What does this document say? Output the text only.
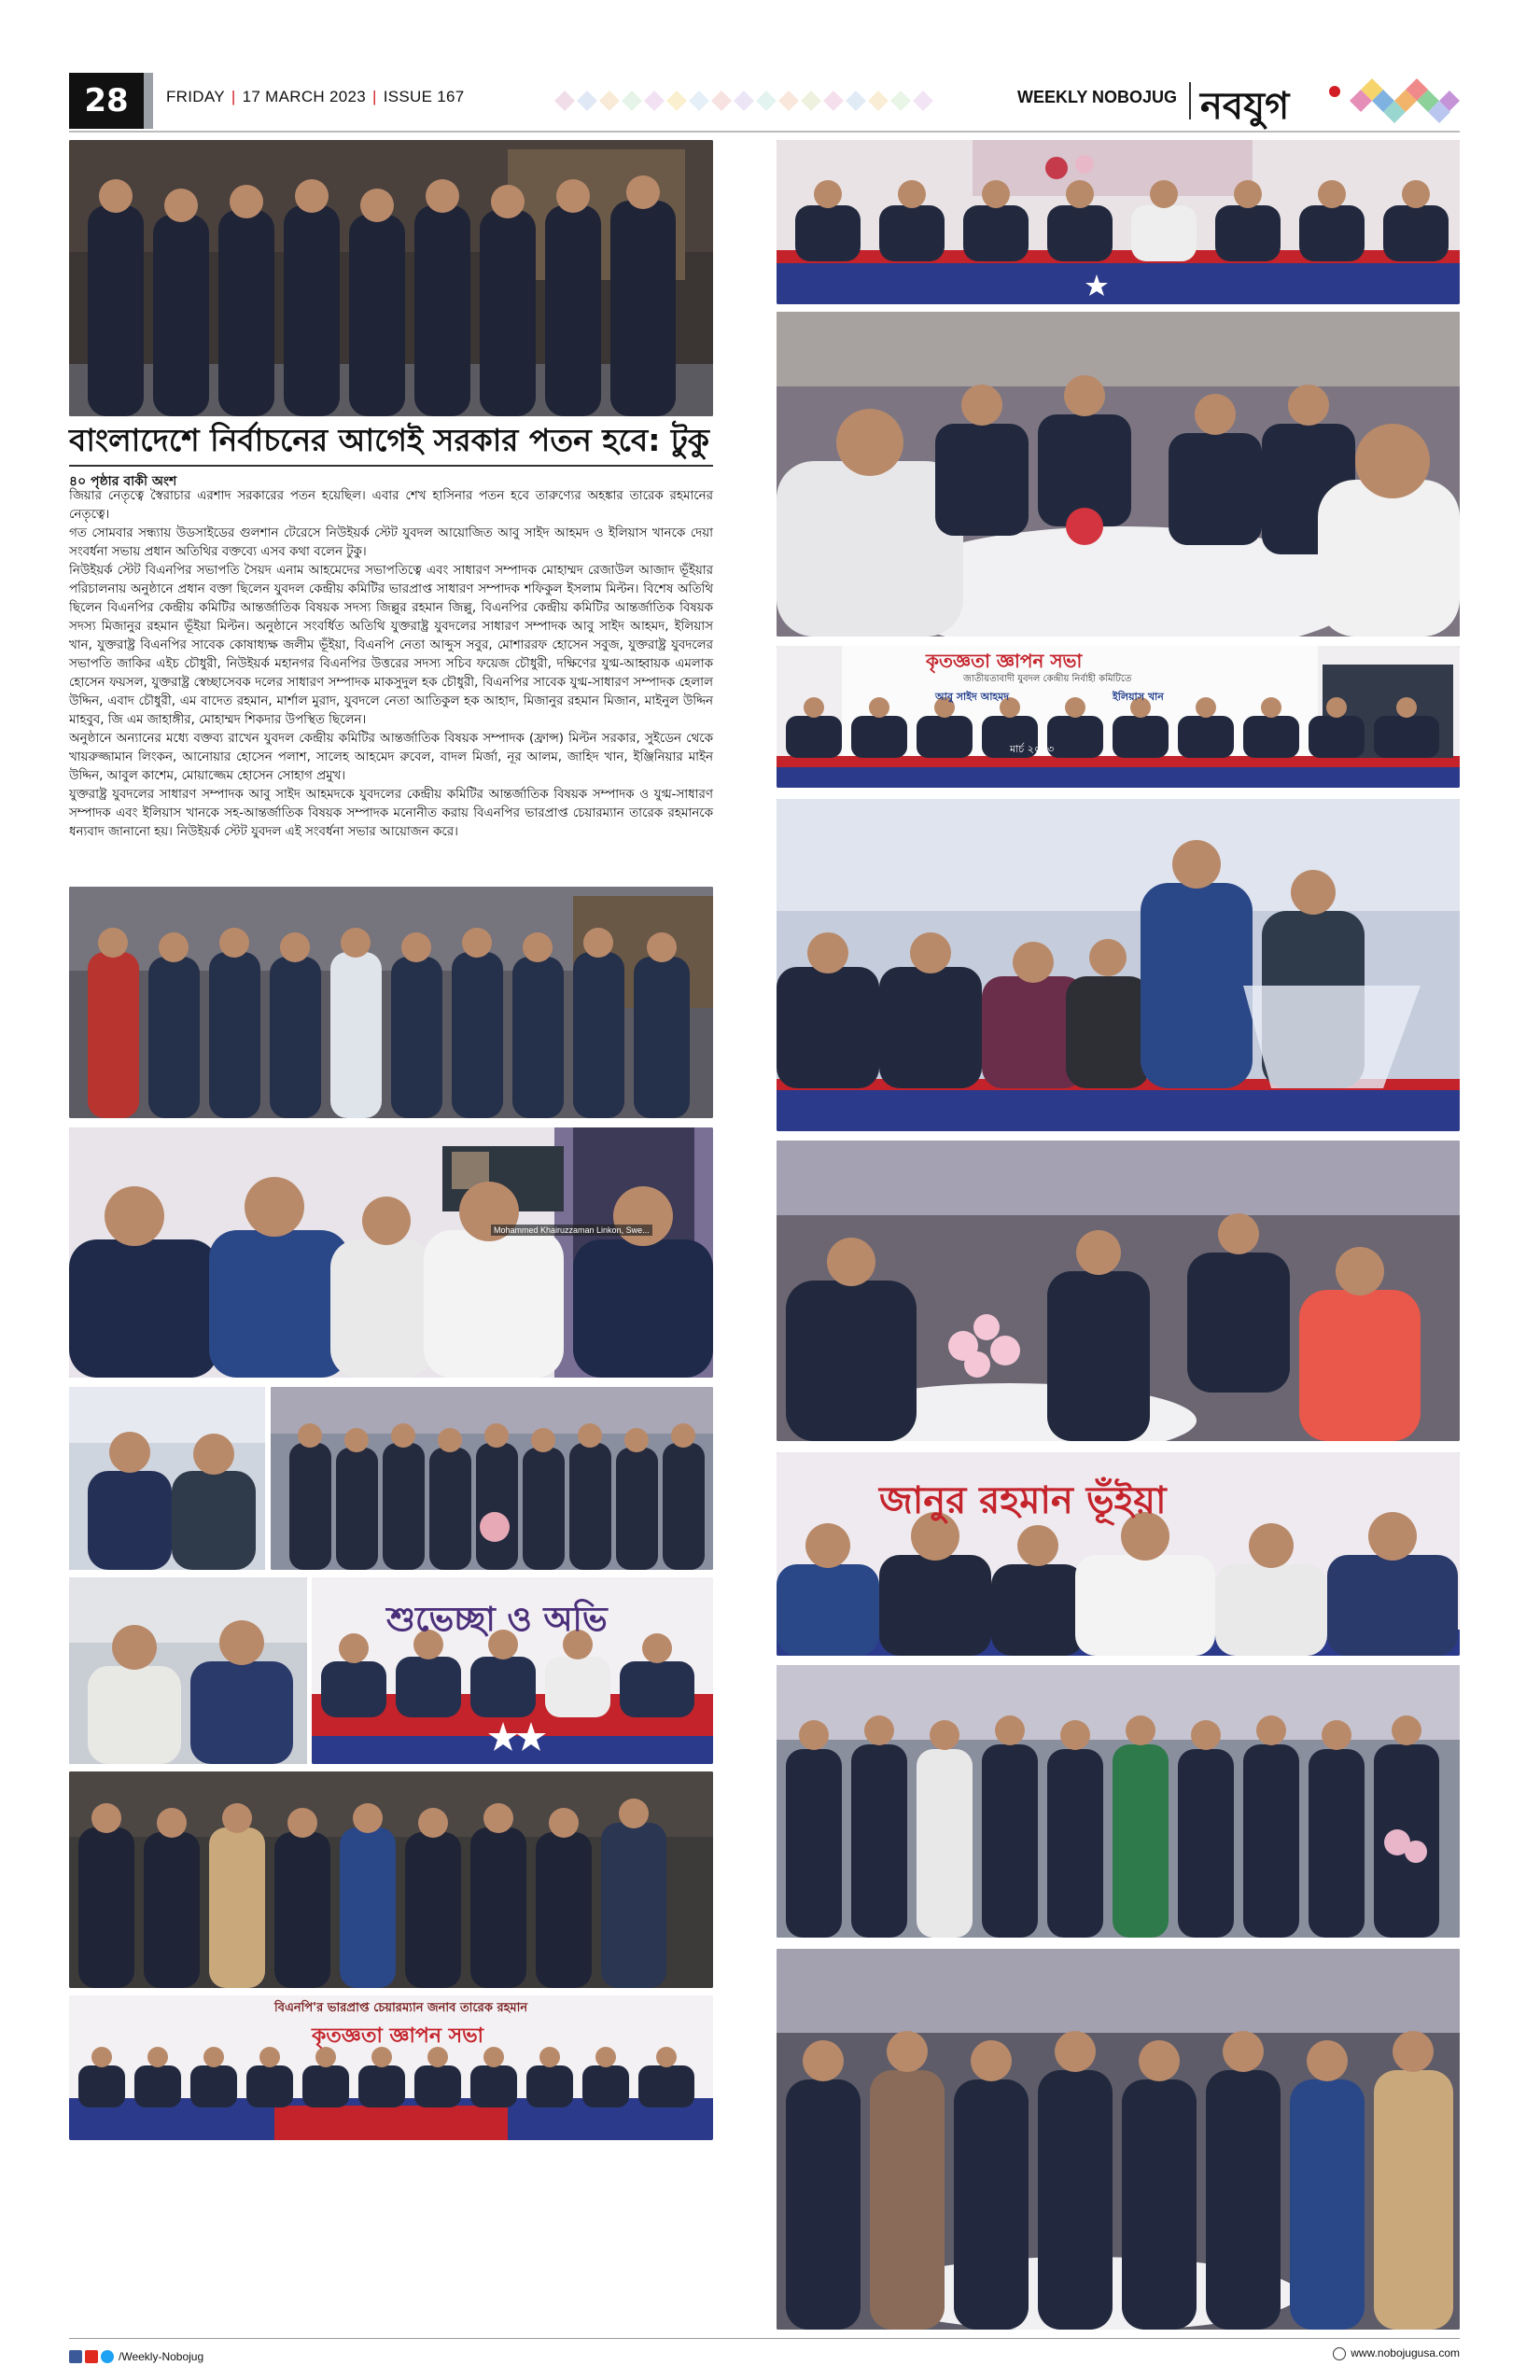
28	FRIDAY | 17 MARCH 2023 | ISSUE 167	WEEKLY NOBOJUG নবযুগ
Mohammed Khairuzzaman Linkon, Swe...
শুভেচ্ছা ও অভি
বিএনপি'র ভারপ্রাপ্ত চেয়ারম্যান জনাব তারেক রহমান
কৃতজ্ঞতা জ্ঞাপন সভা
বাংলাদেশে নির্বাচনের আগেই সরকার পতন হবে: টুকু
৪০ পৃষ্ঠার বাকী অংশ

জিয়ার নেতৃত্বে স্বৈরাচার এরশাদ সরকারের পতন হয়েছিল। এবার শেখ হাসিনার পতন হবে তারুণ্যের অহঙ্কার তারেক রহমানের নেতৃত্বে।

গত সোমবার সন্ধ্যায় উডসাইডের গুলশান টেরেসে নিউইয়র্ক স্টেট যুবদল আয়োজিত আবু সাইদ আহমদ ও ইলিয়াস খানকে দেয়া সংবর্ধনা সভায় প্রধান অতিথির বক্তব্যে এসব কথা বলেন টুকু।

নিউইয়র্ক স্টেট বিএনপির সভাপতি সৈয়দ এনাম আহমেদের সভাপতিত্বে এবং সাধারণ সম্পাদক মোহাম্মদ রেজাউল আজাদ ভূঁইয়ার পরিচালনায় অনুষ্ঠানে প্রধান বক্তা ছিলেন যুবদল কেন্দ্রীয় কমিটির ভারপ্রাপ্ত সাধারণ সম্পাদক শফিকুল ইসলাম মিল্টন। বিশেষ অতিথি ছিলেন বিএনপির কেন্দ্রীয় কমিটির আন্তর্জাতিক বিষয়ক সদস্য জিল্লুর রহমান জিল্লু, বিএনপির কেন্দ্রীয় কমিটির আন্তর্জাতিক বিষয়ক সদস্য মিজানুর রহমান ভূঁইয়া মিল্টন। অনুষ্ঠানে সংবর্ধিত অতিথি যুক্তরাষ্ট্র যুবদলের সাধারণ সম্পাদক আবু সাইদ আহমদ, ইলিয়াস খান, যুক্তরাষ্ট্র বিএনপির সাবেক কোষাধ্যক্ষ জলীম ভূঁইয়া, বিএনপি নেতা আব্দুস সবুর, মোশাররফ হোসেন সবুজ, যুক্তরাষ্ট্র যুবদলের সভাপতি জাকির এইচ চৌধুরী, নিউইয়র্ক মহানগর বিএনপির উত্তরের সদস্য সচিব ফয়েজ চৌধুরী, দক্ষিণের যুগ্ম-আহ্বায়ক এমলাক হোসেন ফয়সল, যুক্তরাষ্ট্র স্বেচ্ছাসেবক দলের সাধারণ সম্পাদক মাকসুদুল হক চৌধুরী, বিএনপির সাবেক যুগ্ম-সাধারণ সম্পাদক হেলাল উদ্দিন, এবাদ চৌধুরী, এম বাদেত রহমান, মার্শাল মুরাদ, যুবদলে নেতা আতিকুল হক আহাদ, মিজানুর রহমান মিজান, মাইনুল উদ্দিন মাহবুব, জি এম জাহাঙ্গীর, মোহাম্মদ শিকদার উপস্থিত ছিলেন।

অনুষ্ঠানে অন্যানের মধ্যে বক্তব্য রাখেন যুবদল কেন্দ্রীয় কমিটির আন্তর্জাতিক বিষয়ক সম্পাদক (ফ্রান্স) মিল্টন সরকার, সুইডেন থেকে খায়রুজ্জামান লিংকন, আনোয়ার হোসেন পলাশ, সালেহ আহমেদ রুবেল, বাদল মির্জা, নূর আলম, জাহিদ খান, ইঞ্জিনিয়ার মাইন উদ্দিন, আবুল কাশেম, মোয়াজ্জেম হোসেন সোহাগ প্রমুখ।

যুক্তরাষ্ট্র যুবদলের সাধারণ সম্পাদক আবু সাইদ আহমদকে যুবদলের কেন্দ্রীয় কমিটির আন্তর্জাতিক বিষয়ক সম্পাদক ও যুগ্ম-সাধারণ সম্পাদক এবং ইলিয়াস খানকে সহ-আন্তর্জাতিক বিষয়ক সম্পাদক মনোনীত করায় বিএনপির ভারপ্রাপ্ত চেয়ারম্যান তারেক রহমানকে ধন্যবাদ জানানো হয়। নিউইয়র্ক স্টেট যুবদল এই সংবর্ধনা সভার আয়োজন করে।

কৃতজ্ঞতা জ্ঞাপন সভা
জাতীয়তাবাদী যুবদল কেন্দ্রীয় নির্বাহী কমিটিতে
আবু সাইদ আহমদ	ইলিয়াস খান
মার্চ ২০২৩
জানুর রহমান ভূঁইয়া
/Weekly-Nobojug	www.nobojugusa.com
